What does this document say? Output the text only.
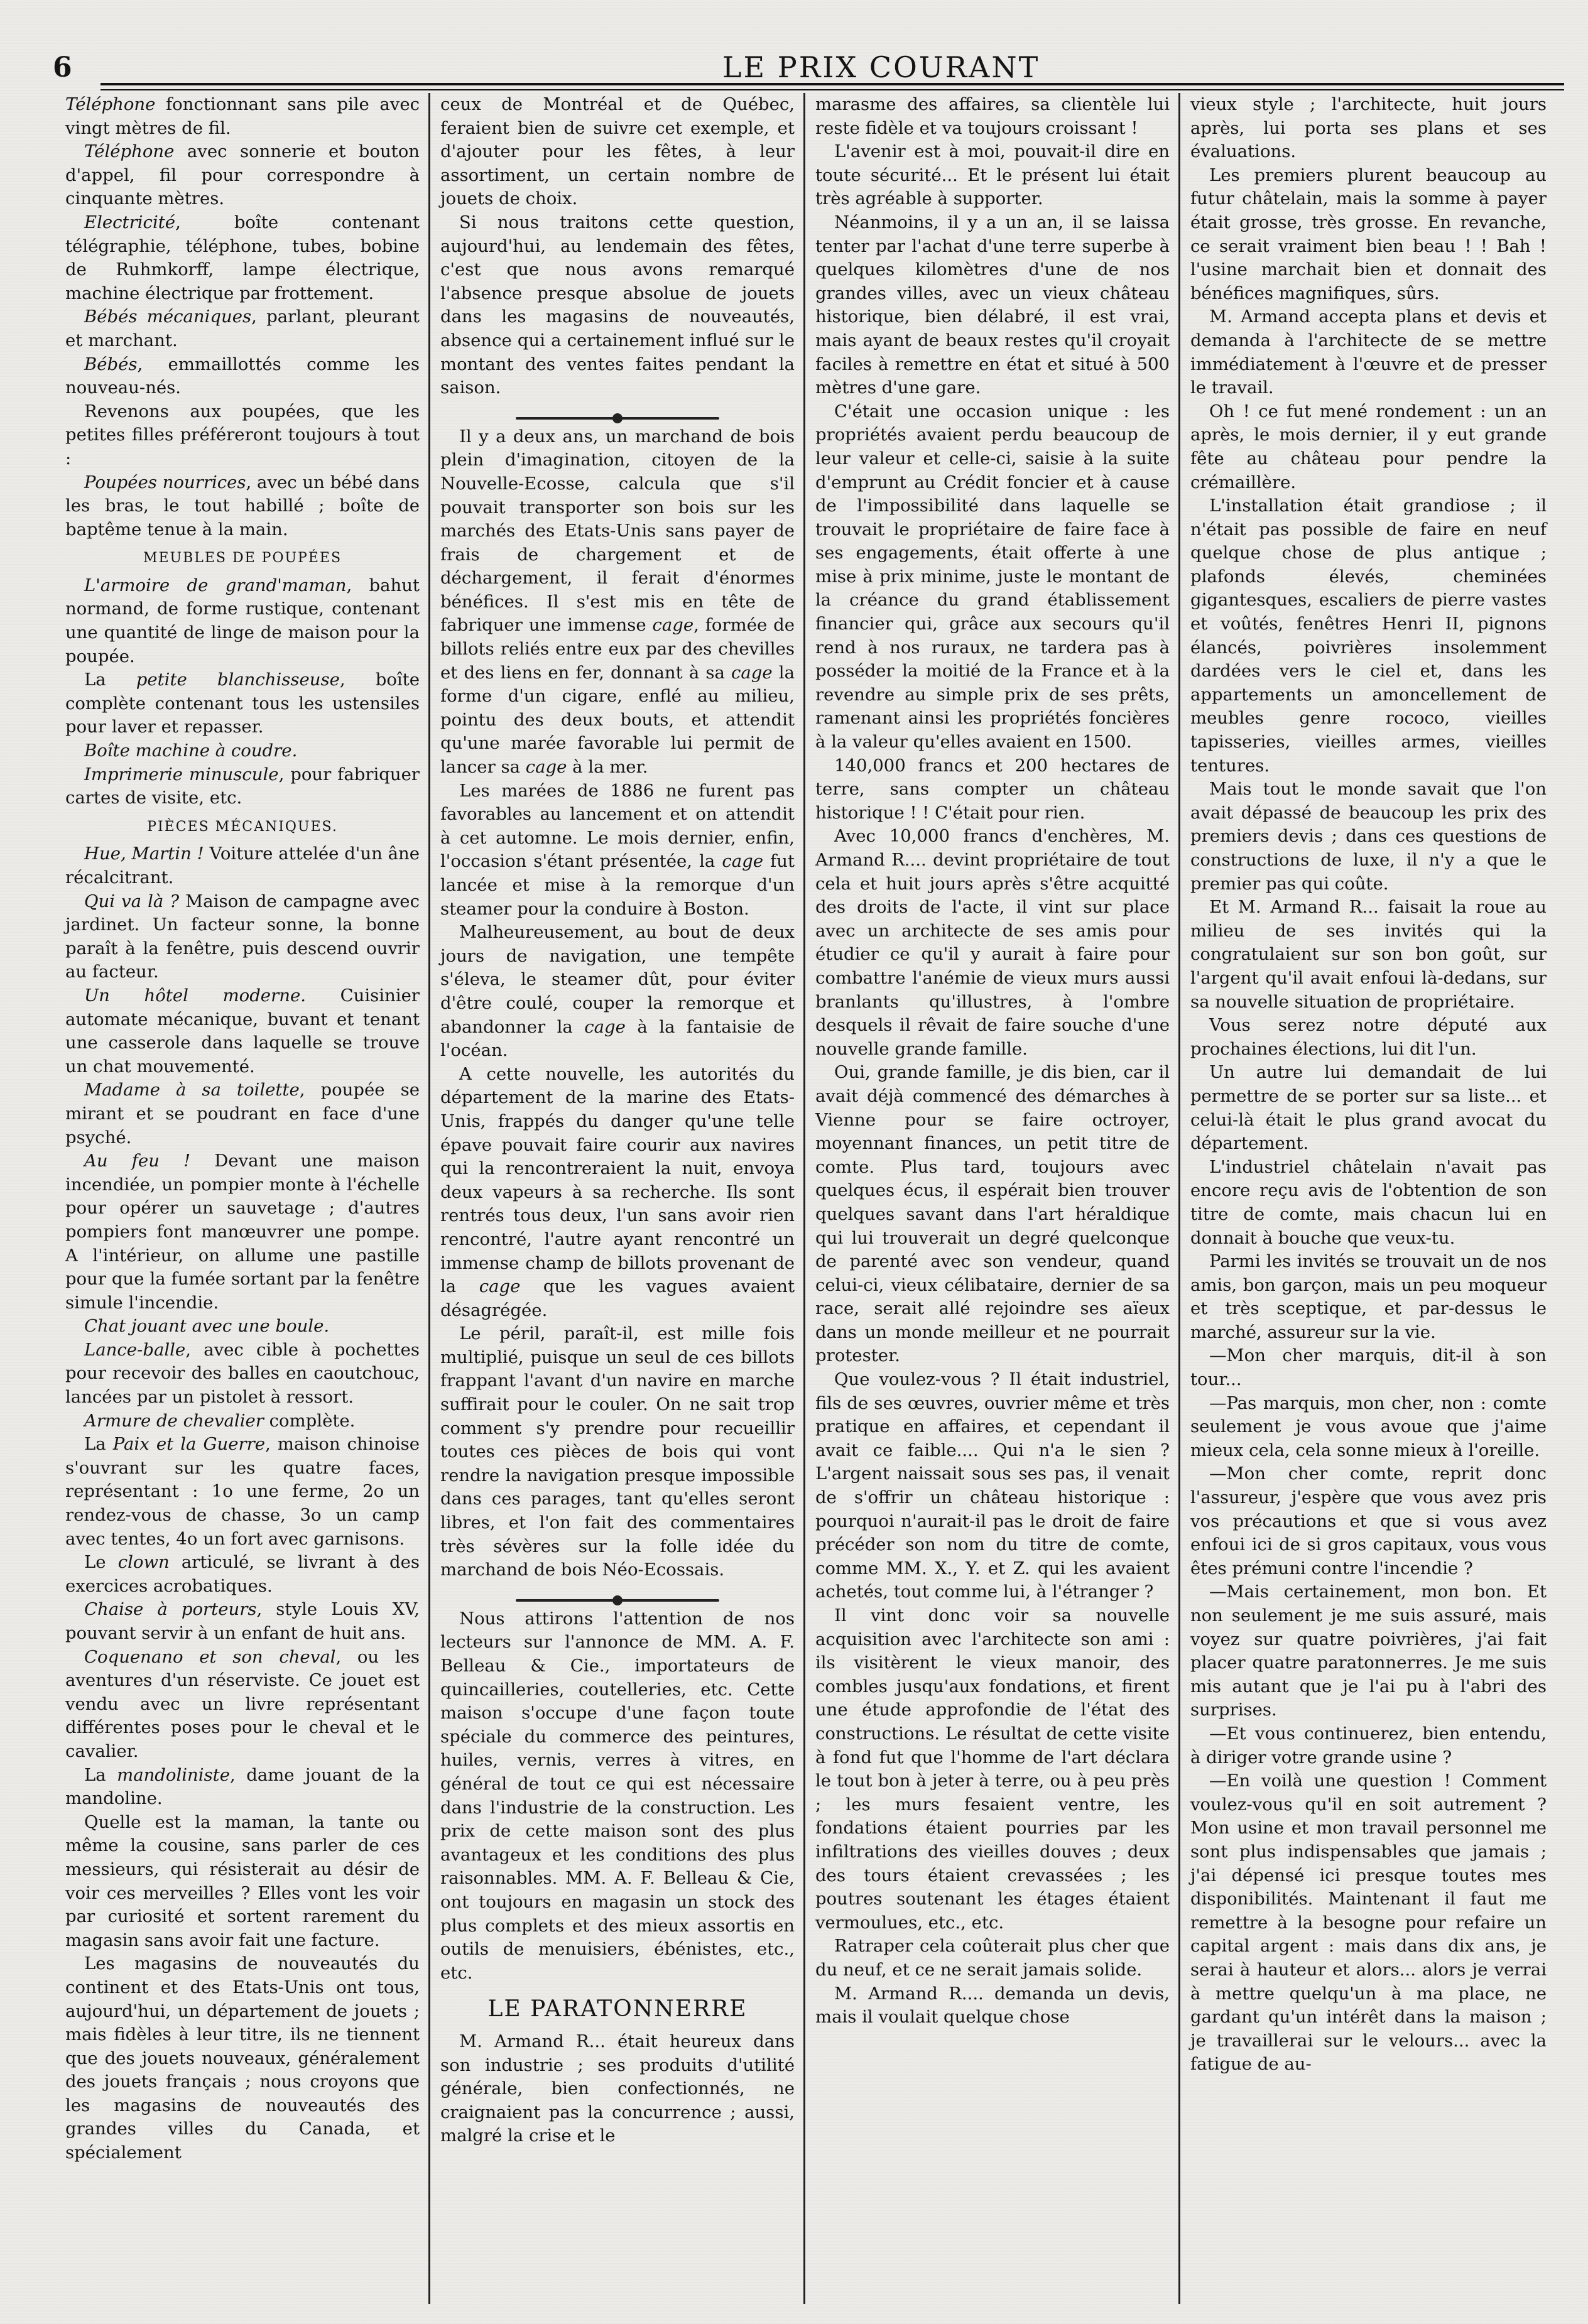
6	LE PRIX COURANT

Téléphone fonctionnant sans pile avec vingt mètres de fil.

Téléphone avec sonnerie et bouton d'appel, fil pour correspondre à cinquante mètres.

Electricité, boîte contenant télégraphie, téléphone, tubes, bobine de Ruhmkorff, lampe électrique, machine électrique par frottement.

Bébés mécaniques, parlant, pleurant et marchant.

Bébés, emmaillottés comme les nouveau-nés.

Revenons aux poupées, que les petites filles préféreront toujours à tout :

Poupées nourrices, avec un bébé dans les bras, le tout habillé ; boîte de baptême tenue à la main.

MEUBLES DE POUPÉES

L'armoire de grand'maman, bahut normand, de forme rustique, contenant une quantité de linge de maison pour la poupée.

La petite blanchisseuse, boîte complète contenant tous les ustensiles pour laver et repasser.

Boîte machine à coudre.

Imprimerie minuscule, pour fabriquer cartes de visite, etc.

PIÈCES MÉCANIQUES.

Hue, Martin ! Voiture attelée d'un âne récalcitrant.

Qui va là ? Maison de campagne avec jardinet. Un facteur sonne, la bonne paraît à la fenêtre, puis descend ouvrir au facteur.

Un hôtel moderne. Cuisinier automate mécanique, buvant et tenant une casserole dans laquelle se trouve un chat mouvementé.

Madame à sa toilette, poupée se mirant et se poudrant en face d'une psyché.

Au feu ! Devant une maison incendiée, un pompier monte à l'échelle pour opérer un sauvetage ; d'autres pompiers font manœuvrer une pompe. A l'intérieur, on allume une pastille pour que la fumée sortant par la fenêtre simule l'incendie.

Chat jouant avec une boule.

Lance-balle, avec cible à pochettes pour recevoir des balles en caoutchouc, lancées par un pistolet à ressort.

Armure de chevalier complète.

La Paix et la Guerre, maison chinoise s'ouvrant sur les quatre faces, représentant : 1o une ferme, 2o un rendez-vous de chasse, 3o un camp avec tentes, 4o un fort avec garnisons.

Le clown articulé, se livrant à des exercices acrobatiques.

Chaise à porteurs, style Louis XV, pouvant servir à un enfant de huit ans.

Coquenano et son cheval, ou les aventures d'un réserviste. Ce jouet est vendu avec un livre représentant différentes poses pour le cheval et le cavalier.

La mandoliniste, dame jouant de la mandoline.

Quelle est la maman, la tante ou même la cousine, sans parler de ces messieurs, qui résisterait au désir de voir ces merveilles ? Elles vont les voir par curiosité et sortent rarement du magasin sans avoir fait une facture.

Les magasins de nouveautés du continent et des Etats-Unis ont tous, aujourd'hui, un département de jouets ; mais fidèles à leur titre, ils ne tiennent que des jouets nouveaux, généralement des jouets français ; nous croyons que les magasins de nouveautés des grandes villes du Canada, et spécialement

ceux de Montréal et de Québec, feraient bien de suivre cet exemple, et d'ajouter pour les fêtes, à leur assortiment, un certain nombre de jouets de choix.

Si nous traitons cette question, aujourd'hui, au lendemain des fêtes, c'est que nous avons remarqué l'absence presque absolue de jouets dans les magasins de nouveautés, absence qui a certainement influé sur le montant des ventes faites pendant la saison.

Il y a deux ans, un marchand de bois plein d'imagination, citoyen de la Nouvelle-Ecosse, calcula que s'il pouvait transporter son bois sur les marchés des Etats-Unis sans payer de frais de chargement et de déchargement, il ferait d'énormes bénéfices. Il s'est mis en tête de fabriquer une immense cage, formée de billots reliés entre eux par des chevilles et des liens en fer, donnant à sa cage la forme d'un cigare, enflé au milieu, pointu des deux bouts, et attendit qu'une marée favorable lui permit de lancer sa cage à la mer.

Les marées de 1886 ne furent pas favorables au lancement et on attendit à cet automne. Le mois dernier, enfin, l'occasion s'étant présentée, la cage fut lancée et mise à la remorque d'un steamer pour la conduire à Boston.

Malheureusement, au bout de deux jours de navigation, une tempête s'éleva, le steamer dût, pour éviter d'être coulé, couper la remorque et abandonner la cage à la fantaisie de l'océan.

A cette nouvelle, les autorités du département de la marine des Etats-Unis, frappés du danger qu'une telle épave pouvait faire courir aux navires qui la rencontreraient la nuit, envoya deux vapeurs à sa recherche. Ils sont rentrés tous deux, l'un sans avoir rien rencontré, l'autre ayant rencontré un immense champ de billots provenant de la cage que les vagues avaient désagrégée.

Le péril, paraît-il, est mille fois multiplié, puisque un seul de ces billots frappant l'avant d'un navire en marche suffirait pour le couler. On ne sait trop comment s'y prendre pour recueillir toutes ces pièces de bois qui vont rendre la navigation presque impossible dans ces parages, tant qu'elles seront libres, et l'on fait des commentaires très sévères sur la folle idée du marchand de bois Néo-Ecossais.

Nous attirons l'attention de nos lecteurs sur l'annonce de MM. A. F. Belleau & Cie., importateurs de quincailleries, coutelleries, etc. Cette maison s'occupe d'une façon toute spéciale du commerce des peintures, huiles, vernis, verres à vitres, en général de tout ce qui est nécessaire dans l'industrie de la construction. Les prix de cette maison sont des plus avantageux et les conditions des plus raisonnables. MM. A. F. Belleau & Cie, ont toujours en magasin un stock des plus complets et des mieux assortis en outils de menuisiers, ébénistes, etc., etc.

LE PARATONNERRE

M. Armand R... était heureux dans son industrie ; ses produits d'utilité générale, bien confectionnés, ne craignaient pas la concurrence ; aussi, malgré la crise et le

marasme des affaires, sa clientèle lui reste fidèle et va toujours croissant !

L'avenir est à moi, pouvait-il dire en toute sécurité... Et le présent lui était très agréable à supporter.

Néanmoins, il y a un an, il se laissa tenter par l'achat d'une terre superbe à quelques kilomètres d'une de nos grandes villes, avec un vieux château historique, bien délabré, il est vrai, mais ayant de beaux restes qu'il croyait faciles à remettre en état et situé à 500 mètres d'une gare.

C'était une occasion unique : les propriétés avaient perdu beaucoup de leur valeur et celle-ci, saisie à la suite d'emprunt au Crédit foncier et à cause de l'impossibilité dans laquelle se trouvait le propriétaire de faire face à ses engagements, était offerte à une mise à prix minime, juste le montant de la créance du grand établissement financier qui, grâce aux secours qu'il rend à nos ruraux, ne tardera pas à posséder la moitié de la France et à la revendre au simple prix de ses prêts, ramenant ainsi les propriétés foncières à la valeur qu'elles avaient en 1500.

140,000 francs et 200 hectares de terre, sans compter un château historique ! ! C'était pour rien.

Avec 10,000 francs d'enchères, M. Armand R.... devint propriétaire de tout cela et huit jours après s'être acquitté des droits de l'acte, il vint sur place avec un architecte de ses amis pour étudier ce qu'il y aurait à faire pour combattre l'anémie de vieux murs aussi branlants qu'illustres, à l'ombre desquels il rêvait de faire souche d'une nouvelle grande famille.

Oui, grande famille, je dis bien, car il avait déjà commencé des démarches à Vienne pour se faire octroyer, moyennant finances, un petit titre de comte. Plus tard, toujours avec quelques écus, il espérait bien trouver quelques savant dans l'art héraldique qui lui trouverait un degré quelconque de parenté avec son vendeur, quand celui-ci, vieux célibataire, dernier de sa race, serait allé rejoindre ses aïeux dans un monde meilleur et ne pourrait protester.

Que voulez-vous ? Il était industriel, fils de ses œuvres, ouvrier même et très pratique en affaires, et cependant il avait ce faible.... Qui n'a le sien ? L'argent naissait sous ses pas, il venait de s'offrir un château historique : pourquoi n'aurait-il pas le droit de faire précéder son nom du titre de comte, comme MM. X., Y. et Z. qui les avaient achetés, tout comme lui, à l'étranger ?

Il vint donc voir sa nouvelle acquisition avec l'architecte son ami : ils visitèrent le vieux manoir, des combles jusqu'aux fondations, et firent une étude approfondie de l'état des constructions. Le résultat de cette visite à fond fut que l'homme de l'art déclara le tout bon à jeter à terre, ou à peu près ; les murs fesaient ventre, les fondations étaient pourries par les infiltrations des vieilles douves ; deux des tours étaient crevassées ; les poutres soutenant les étages étaient vermoulues, etc., etc.

Ratraper cela coûterait plus cher que du neuf, et ce ne serait jamais solide.

M. Armand R.... demanda un devis, mais il voulait quelque chose

vieux style ; l'architecte, huit jours après, lui porta ses plans et ses évaluations.

Les premiers plurent beaucoup au futur châtelain, mais la somme à payer était grosse, très grosse. En revanche, ce serait vraiment bien beau ! ! Bah ! l'usine marchait bien et donnait des bénéfices magnifiques, sûrs.

M. Armand accepta plans et devis et demanda à l'architecte de se mettre immédiatement à l'œuvre et de presser le travail.

Oh ! ce fut mené rondement : un an après, le mois dernier, il y eut grande fête au château pour pendre la crémaillère.

L'installation était grandiose ; il n'était pas possible de faire en neuf quelque chose de plus antique ; plafonds élevés, cheminées gigantesques, escaliers de pierre vastes et voûtés, fenêtres Henri II, pignons élancés, poivrières insolemment dardées vers le ciel et, dans les appartements un amoncellement de meubles genre rococo, vieilles tapisseries, vieilles armes, vieilles tentures.

Mais tout le monde savait que l'on avait dépassé de beaucoup les prix des premiers devis ; dans ces questions de constructions de luxe, il n'y a que le premier pas qui coûte.

Et M. Armand R... faisait la roue au milieu de ses invités qui la congratulaient sur son bon goût, sur l'argent qu'il avait enfoui là-dedans, sur sa nouvelle situation de propriétaire.

Vous serez notre député aux prochaines élections, lui dit l'un.

Un autre lui demandait de lui permettre de se porter sur sa liste... et celui-là était le plus grand avocat du département.

L'industriel châtelain n'avait pas encore reçu avis de l'obtention de son titre de comte, mais chacun lui en donnait à bouche que veux-tu.

Parmi les invités se trouvait un de nos amis, bon garçon, mais un peu moqueur et très sceptique, et par-dessus le marché, assureur sur la vie.

—Mon cher marquis, dit-il à son tour...

—Pas marquis, mon cher, non : comte seulement je vous avoue que j'aime mieux cela, cela sonne mieux à l'oreille.

—Mon cher comte, reprit donc l'assureur, j'espère que vous avez pris vos précautions et que si vous avez enfoui ici de si gros capitaux, vous vous êtes prémuni contre l'incendie ?

—Mais certainement, mon bon. Et non seulement je me suis assuré, mais voyez sur quatre poivrières, j'ai fait placer quatre paratonnerres. Je me suis mis autant que je l'ai pu à l'abri des surprises.

—Et vous continuerez, bien entendu, à diriger votre grande usine ?

—En voilà une question ! Comment voulez-vous qu'il en soit autrement ? Mon usine et mon travail personnel me sont plus indispensables que jamais ; j'ai dépensé ici presque toutes mes disponibilités. Maintenant il faut me remettre à la besogne pour refaire un capital argent : mais dans dix ans, je serai à hauteur et alors... alors je verrai à mettre quelqu'un à ma place, ne gardant qu'un intérêt dans la maison ; je travaillerai sur le velours... avec la fatigue de au-
